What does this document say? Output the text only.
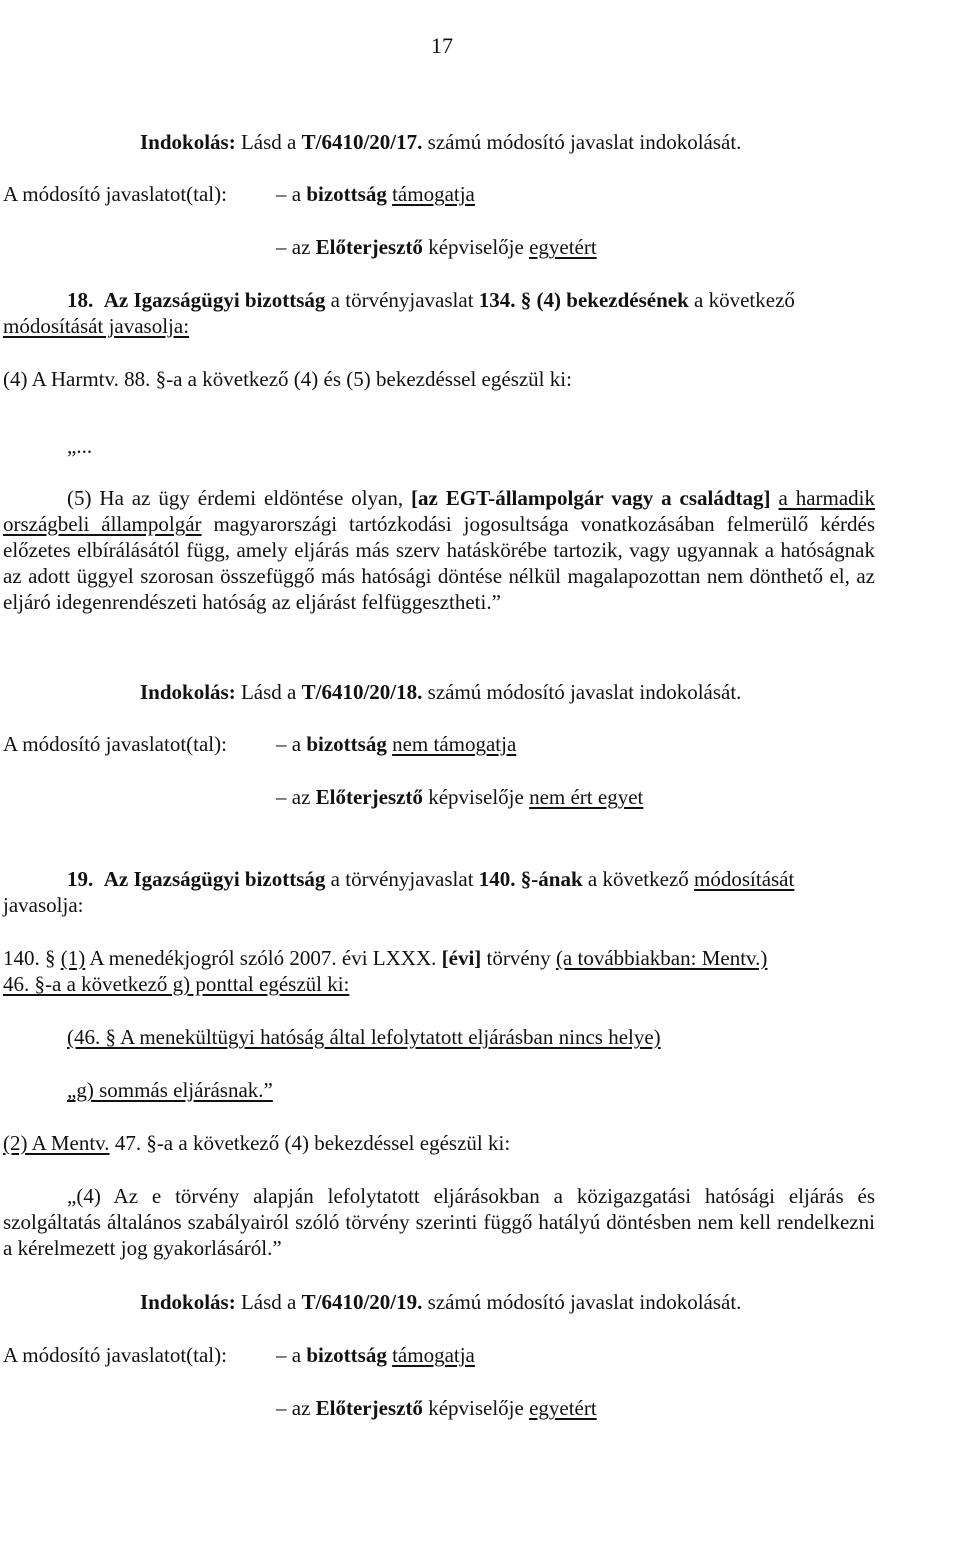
17
Indokolás: Lásd a T/6410/20/17. számú módosító javaslat indokolását.
A módosító javaslatot(tal): – a bizottság támogatja
– az Előterjesztő képviselője egyetért
18. Az Igazságügyi bizottság a törvényjavaslat 134. § (4) bekezdésének a következő
módosítását javasolja:
(4) A Harmtv. 88. §-a a következő (4) és (5) bekezdéssel egészül ki:
„...
(5) Ha az ügy érdemi eldöntése olyan, [az EGT-állampolgár vagy a családtag] a harmadik országbeli állampolgár magyarországi tartózkodási jogosultsága vonatkozásában felmerülő kérdés előzetes elbírálásától függ, amely eljárás más szerv hatáskörébe tartozik, vagy ugyannak a hatóságnak az adott üggyel szorosan összefüggő más hatósági döntése nélkül magalapozottan nem dönthető el, az eljáró idegenrendészeti hatóság az eljárást felfüggesztheti.”
Indokolás: Lásd a T/6410/20/18. számú módosító javaslat indokolását.
A módosító javaslatot(tal): – a bizottság nem támogatja
– az Előterjesztő képviselője nem ért egyet
19. Az Igazságügyi bizottság a törvényjavaslat 140. §-ának a következő módosítását
javasolja:
140. § (1) A menedékjogról szóló 2007. évi LXXX. [évi] törvény (a továbbiakban: Mentv.)
46. §-a a következő g) ponttal egészül ki:
(46. § A menekültügyi hatóság által lefolytatott eljárásban nincs helye)
„g) sommás eljárásnak.”
(2) A Mentv. 47. §-a a következő (4) bekezdéssel egészül ki:
„(4) Az e törvény alapján lefolytatott eljárásokban a közigazgatási hatósági eljárás és szolgáltatás általános szabályairól szóló törvény szerinti függő hatályú döntésben nem kell rendelkezni a kérelmezett jog gyakorlásáról.”
Indokolás: Lásd a T/6410/20/19. számú módosító javaslat indokolását.
A módosító javaslatot(tal): – a bizottság támogatja
– az Előterjesztő képviselője egyetért
